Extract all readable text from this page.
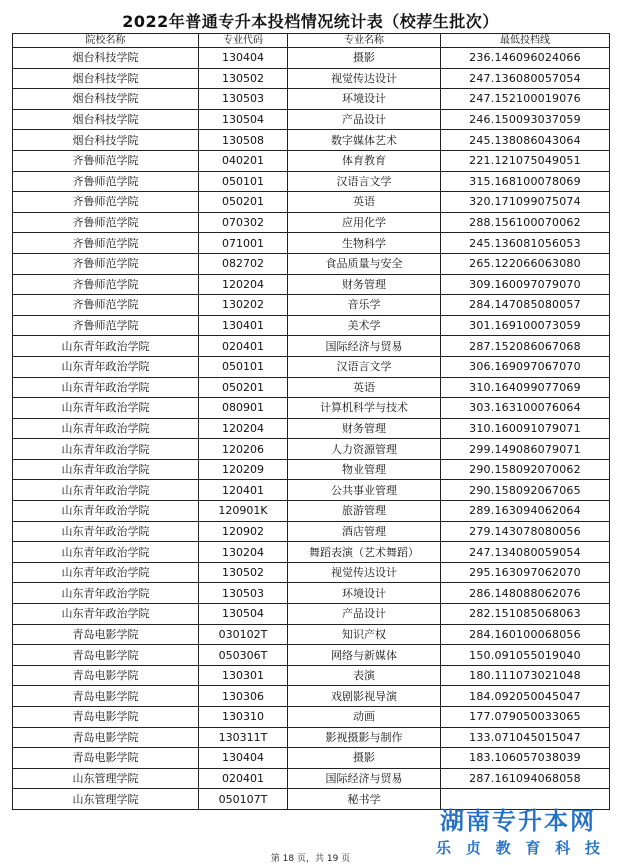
2022年普通专升本投档情况统计表（校荐生批次）
院校名称	专业代码	专业名称	最低投档线
烟台科技学院	130404	摄影	236.146096024066
烟台科技学院	130502	视觉传达设计	247.136080057054
烟台科技学院	130503	环境设计	247.152100019076
烟台科技学院	130504	产品设计	246.150093037059
烟台科技学院	130508	数字媒体艺术	245.138086043064
齐鲁师范学院	040201	体育教育	221.121075049051
齐鲁师范学院	050101	汉语言文学	315.168100078069
齐鲁师范学院	050201	英语	320.171099075074
齐鲁师范学院	070302	应用化学	288.156100070062
齐鲁师范学院	071001	生物科学	245.136081056053
齐鲁师范学院	082702	食品质量与安全	265.122066063080
齐鲁师范学院	120204	财务管理	309.160097079070
齐鲁师范学院	130202	音乐学	284.147085080057
齐鲁师范学院	130401	美术学	301.169100073059
山东青年政治学院	020401	国际经济与贸易	287.152086067068
山东青年政治学院	050101	汉语言文学	306.169097067070
山东青年政治学院	050201	英语	310.164099077069
山东青年政治学院	080901	计算机科学与技术	303.163100076064
山东青年政治学院	120204	财务管理	310.160091079071
山东青年政治学院	120206	人力资源管理	299.149086079071
山东青年政治学院	120209	物业管理	290.158092070062
山东青年政治学院	120401	公共事业管理	290.158092067065
山东青年政治学院	120901K	旅游管理	289.163094062064
山东青年政治学院	120902	酒店管理	279.143078080056
山东青年政治学院	130204	舞蹈表演（艺术舞蹈）	247.134080059054
山东青年政治学院	130502	视觉传达设计	295.163097062070
山东青年政治学院	130503	环境设计	286.148088062076
山东青年政治学院	130504	产品设计	282.151085068063
青岛电影学院	030102T	知识产权	284.160100068056
青岛电影学院	050306T	网络与新媒体	150.091055019040
青岛电影学院	130301	表演	180.111073021048
青岛电影学院	130306	戏剧影视导演	184.092050045047
青岛电影学院	130310	动画	177.079050033065
青岛电影学院	130311T	影视摄影与制作	133.071045015047
青岛电影学院	130404	摄影	183.106057038039
山东管理学院	020401	国际经济与贸易	287.161094068058
山东管理学院	050107T	秘书学	
第 18 页，共 19 页
湖南专升本网
乐 贞 教 育 科 技
